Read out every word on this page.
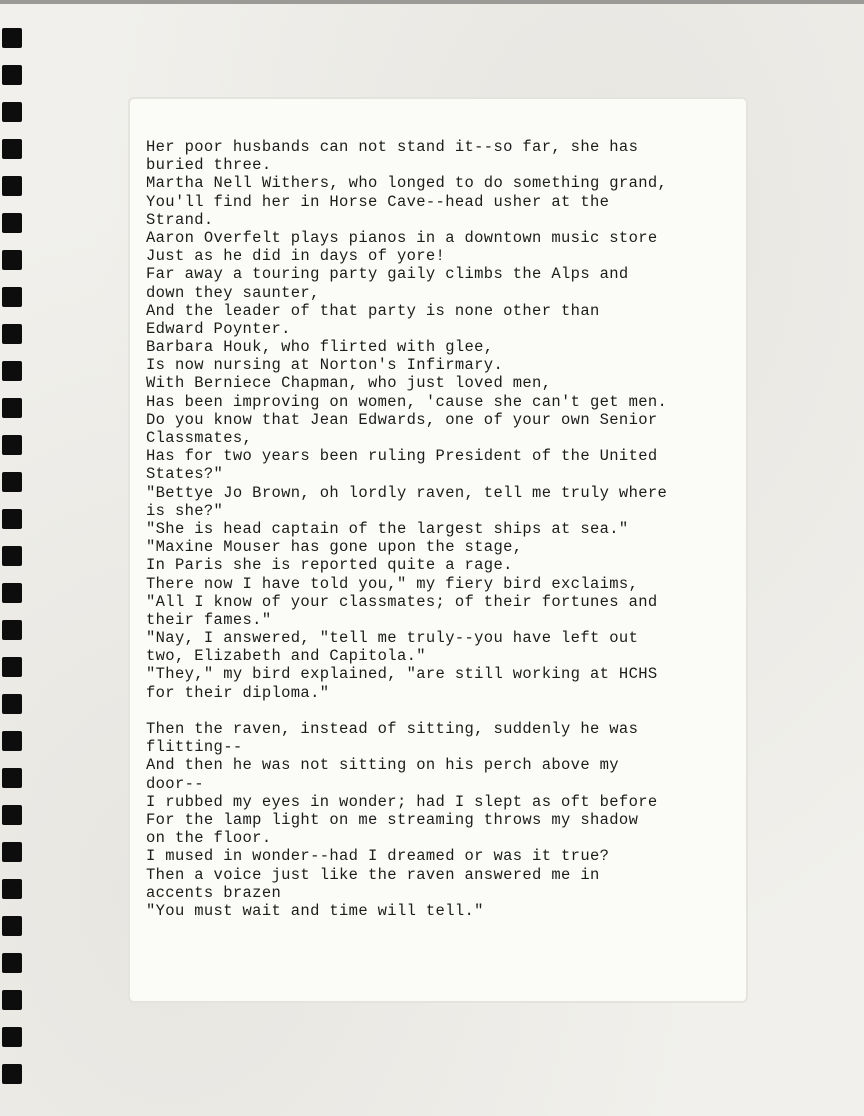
Her poor husbands can not stand it--so far, she has
buried three.
Martha Nell Withers, who longed to do something grand,
You'll find her in Horse Cave--head usher at the
Strand.
Aaron Overfelt plays pianos in a downtown music store
Just as he did in days of yore!
Far away a touring party gaily climbs the Alps and
down they saunter,
And the leader of that party is none other than
Edward Poynter.
Barbara Houk, who flirted with glee,
Is now nursing at Norton's Infirmary.
With Berniece Chapman, who just loved men,
Has been improving on women, 'cause she can't get men.
Do you know that Jean Edwards, one of your own Senior
Classmates,
Has for two years been ruling President of the United
States?"
"Bettye Jo Brown, oh lordly raven, tell me truly where
is she?"
"She is head captain of the largest ships at sea."
"Maxine Mouser has gone upon the stage,
In Paris she is reported quite a rage.
There now I have told you," my fiery bird exclaims,
"All I know of your classmates; of their fortunes and
their fames."
"Nay, I answered, "tell me truly--you have left out
two, Elizabeth and Capitola."
"They," my bird explained, "are still working at HCHS
for their diploma."
Then the raven, instead of sitting, suddenly he was
flitting--
And then he was not sitting on his perch above my
door--
I rubbed my eyes in wonder; had I slept as oft before
For the lamp light on me streaming throws my shadow
on the floor.
I mused in wonder--had I dreamed or was it true?
Then a voice just like the raven answered me in
accents brazen
"You must wait and time will tell."
